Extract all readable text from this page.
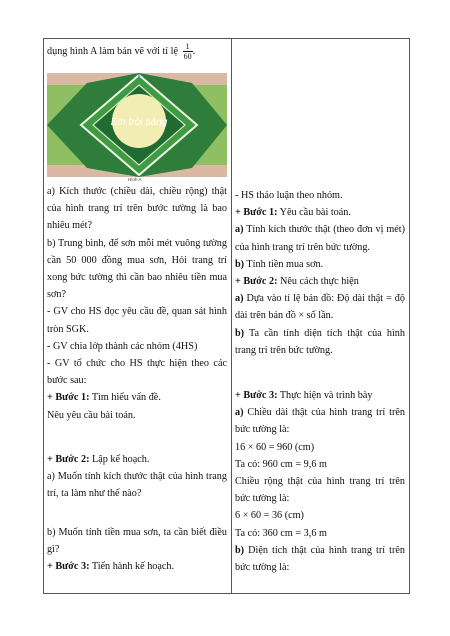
dụng hình A làm bản vẽ với tỉ lệ $\frac{1}{60}$ .
Em trời sáng
Hình A
a) Kích thước (chiều dài, chiều rộng) thật của hình trang trí trên bước tường là bao nhiêu mét?
b) Trung bình, để sơn mỗi mét vuông tường cần 50 000 đồng mua sơn, Hỏi trang trí xong bức tường thì cần bao nhiêu tiền mua sơn?
- GV cho HS đọc yêu cầu đề, quan sát hình tròn SGK.
- GV chia lớp thành các nhóm (4HS)
- GV tổ chức cho HS thực hiện theo các bước sau:
+ Bước 1: Tìm hiểu vấn đề.
Nêu yêu cầu bài toán.
+ Bước 2: Lập kế hoạch.
a) Muốn tính kích thước thật của hình trang trí, ta làm như thế nào?
b) Muốn tính tiền mua sơn, ta cần biết điều gì?
+ Bước 3: Tiến hành kế hoạch.
- HS thảo luận theo nhóm.
+ Bước 1: Yêu cầu bài toán.
a) Tính kích thước thật (theo đơn vị mét) của hình trang trí trên bức tường.
b) Tính tiền mua sơn.
+ Bước 2: Nêu cách thực hiện
a) Dựa vào tỉ lệ bản đồ: Độ dài thật = độ dài trên bản đồ × số lần.
b) Ta cần tính diện tích thật của hình trang trí trên bức tường.
+ Bước 3: Thực hiện và trình bày
a) Chiều dài thật của hình trang trí trên bức tường là:
16 × 60 = 960 (cm)
Ta có: 960 cm = 9,6 m
Chiều rộng thật của hình trang trí trên bức tường là:
6 × 60 = 36 (cm)
Ta có: 360 cm = 3,6 m
b) Diện tích thật của hình trang trí trên bức tường là:
